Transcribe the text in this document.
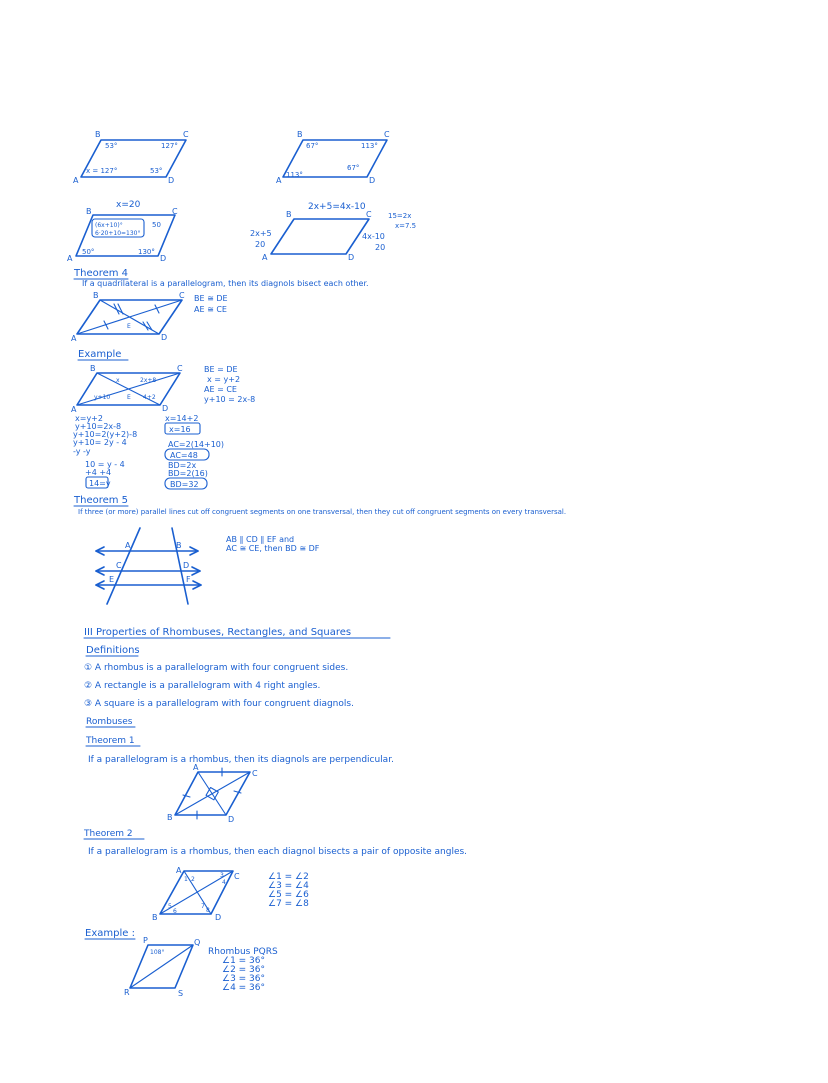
B	C
A	D
53°	127°
x = 127°	53°
B	C
A	D
67°	113°
113°
67°
x=20
B	C
A	D
(6x+10)°
6·20+10=130°
50
50°	130°
2x+5=4x-10
B	C
A	D
2x+5
20
4x-10
20
15=2x
x=7.5
Theorem 4
If a quadrilateral is a parallelogram, then its diagnols bisect each other.
B	C
A	D
E
BE ≅ DE
AE ≅ CE
Example
B	C
A	D
E
x	2x+8
y+10	4+2
BE = DE
x = y+2
AE = CE
y+10 = 2x-8
x=y+2
y+10=2x-8
y+10=2(y+2)-8
y+10= 2y - 4
-y -y
10 = y - 4
+4 +4
14=y
x=14+2
x=16
AC=2(14+10)
AC=48
BD=2x
BD=2(16)
BD=32
Theorem 5
If three (or more) parallel lines cut off congruent segments on one transversal, then they cut off congruent segments on every transversal.
A	B
C	D
E	F
AB ∥ CD ∥ EF and
AC ≅ CE, then BD ≅ DF
III Properties of Rhombuses, Rectangles, and Squares
Definitions
① A rhombus is a parallelogram with four congruent sides.
② A rectangle is a parallelogram with 4 right angles.
③ A square is a parallelogram with four congruent diagnols.
Rombuses
Theorem 1
If a parallelogram is a rhombus, then its diagnols are perpendicular.
Theorem 2
If a parallelogram is a rhombus, then each diagnol bisects a pair of opposite angles.
A
C
B	D
A
C
B	D
1 2
3
4
5
6
7
8
∠1 = ∠2
∠3 = ∠4
∠5 = ∠6
∠7 = ∠8
Example :
P	Q
R	S
108°	Rhombus PQRS
∠1 = 36°
∠2 = 36°
∠3 = 36°
∠4 = 36°
